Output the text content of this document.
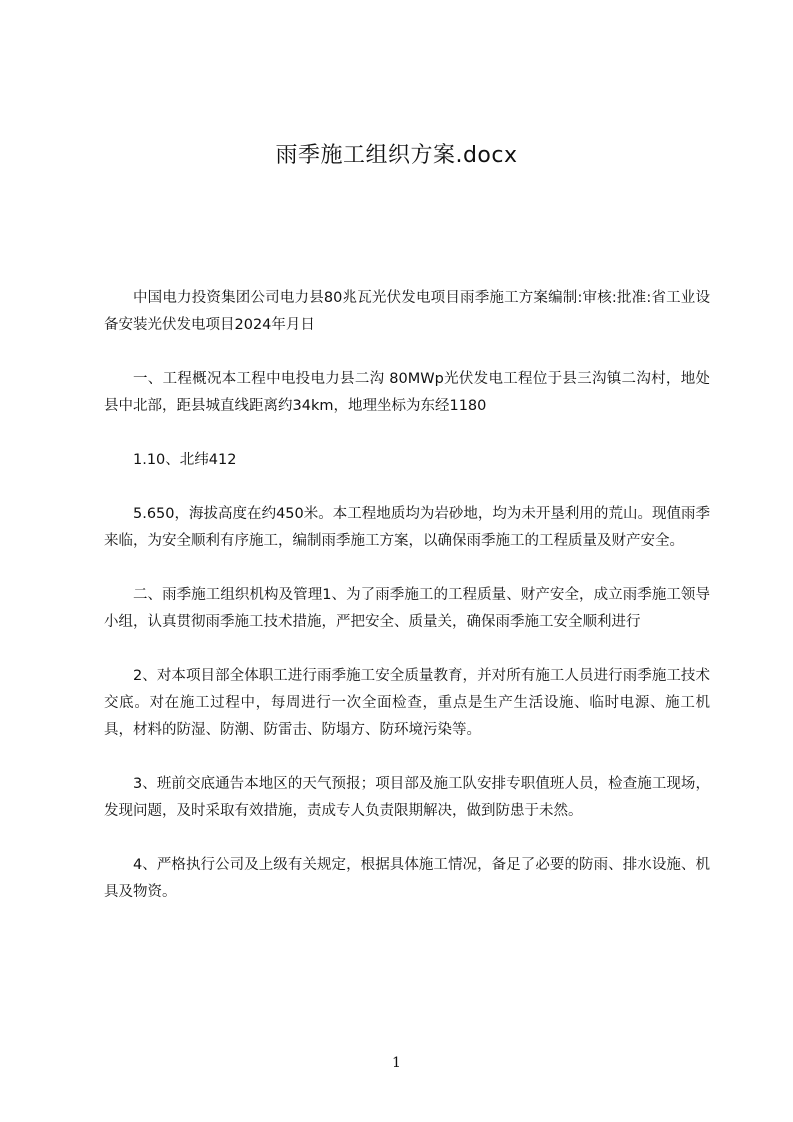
雨季施工组织方案.docx

中国电力投资集团公司电力县80兆瓦光伏发电项目雨季施工方案编制:审核:批准:省工业设备安装光伏发电项目2024年月日

一、工程概况本工程中电投电力县二沟 80MWp光伏发电工程位于县三沟镇二沟村，地处县中北部，距县城直线距离约34km，地理坐标为东经1180

1.10、北纬412

5.650，海拔高度在约450米。本工程地质均为岩砂地，均为未开垦利用的荒山。现值雨季来临，为安全顺利有序施工，编制雨季施工方案，以确保雨季施工的工程质量及财产安全。

二、雨季施工组织机构及管理1、为了雨季施工的工程质量、财产安全，成立雨季施工领导小组，认真贯彻雨季施工技术措施，严把安全、质量关，确保雨季施工安全顺利进行

2、对本项目部全体职工进行雨季施工安全质量教育，并对所有施工人员进行雨季施工技术交底。对在施工过程中，每周进行一次全面检查，重点是生产生活设施、临时电源、施工机具，材料的防湿、防潮、防雷击、防塌方、防环境污染等。

3、班前交底通告本地区的天气预报；项目部及施工队安排专职值班人员，检查施工现场，发现问题，及时采取有效措施，责成专人负责限期解决，做到防患于未然。

4、严格执行公司及上级有关规定，根据具体施工情况，备足了必要的防雨、排水设施、机具及物资。

1
